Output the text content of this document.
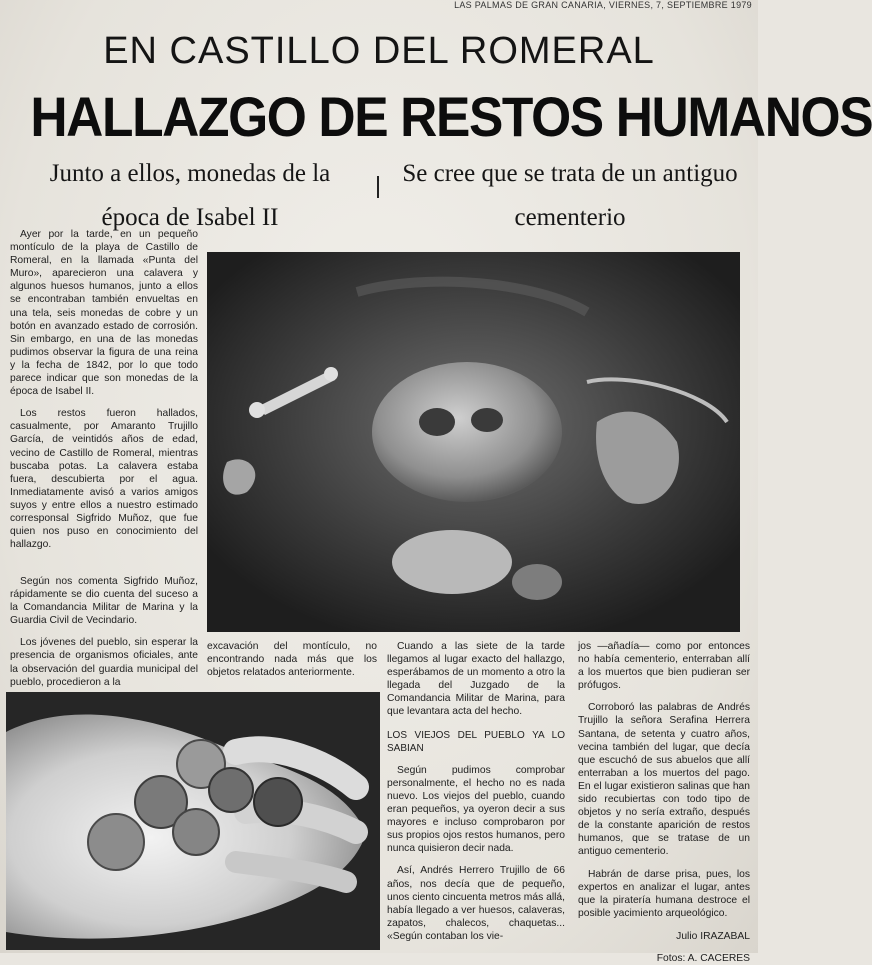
LAS PALMAS DE GRAN CANARIA, VIERNES, 7, SEPTIEMBRE 1979
EN CASTILLO DEL ROMERAL
HALLAZGO DE RESTOS HUMANOS
Junto a ellos, monedas de la época de Isabel II
Se cree que se trata de un antiguo cementerio

Ayer por la tarde, en un pequeño montículo de la playa de Castillo de Romeral, en la llamada «Punta del Muro», aparecieron una calavera y algunos huesos humanos, junto a ellos se encontraban también envueltas en una tela, seis monedas de cobre y un botón en avanzado estado de corrosión. Sin embargo, en una de las monedas pudimos observar la figura de una reina y la fecha de 1842, por lo que todo parece indicar que son monedas de la época de Isabel II.

Los restos fueron hallados, casualmente, por Amaranto Trujillo García, de veintidós años de edad, vecino de Castillo de Romeral, mientras buscaba potas. La calavera estaba fuera, descubierta por el agua. Inmediatamente avisó a varios amigos suyos y entre ellos a nuestro estimado corresponsal Sigfrido Muñoz, que fue quien nos puso en conocimiento del hallazgo.

Según nos comenta Sigfrido Muñoz, rápidamente se dio cuenta del suceso a la Comandancia Militar de Marina y la Guardia Civil de Vecindario.

Los jóvenes del pueblo, sin esperar la presencia de organismos oficiales, ante la observación del guardia municipal del pueblo, procedieron a la

excavación del montículo, no encontrando nada más que los objetos relatados anteriormente.

Cuando a las siete de la tarde llegamos al lugar exacto del hallazgo, esperábamos de un momento a otro la llegada del Juzgado de la Comandancia Militar de Marina, para que levantara acta del hecho.

LOS VIEJOS DEL PUEBLO YA LO SABIAN

Según pudimos comprobar personalmente, el hecho no es nada nuevo. Los viejos del pueblo, cuando eran pequeños, ya oyeron decir a sus mayores e incluso comprobaron por sus propios ojos restos humanos, pero nunca quisieron decir nada.

Así, Andrés Herrero Trujillo de 66 años, nos decía que de pequeño, unos ciento cincuenta metros más allá, había llegado a ver huesos, calaveras, zapatos, chalecos, chaquetas... «Según contaban los vie-

jos —añadía— como por entonces no había cementerio, enterraban allí a los muertos que bien pudieran ser prófugos.

Corroboró las palabras de Andrés Trujillo la señora Serafina Herrera Santana, de setenta y cuatro años, vecina también del lugar, que decía que escuchó de sus abuelos que allí enterraban a los muertos del pago. En el lugar existieron salinas que han sido recubiertas con todo tipo de objetos y no sería extraño, después de la constante aparición de restos humanos, que se tratase de un antiguo cementerio.

Habrán de darse prisa, pues, los expertos en analizar el lugar, antes que la piratería humana destroce el posible yacimiento arqueológico.

Julio IRAZABAL

Fotos: A. CACERES
